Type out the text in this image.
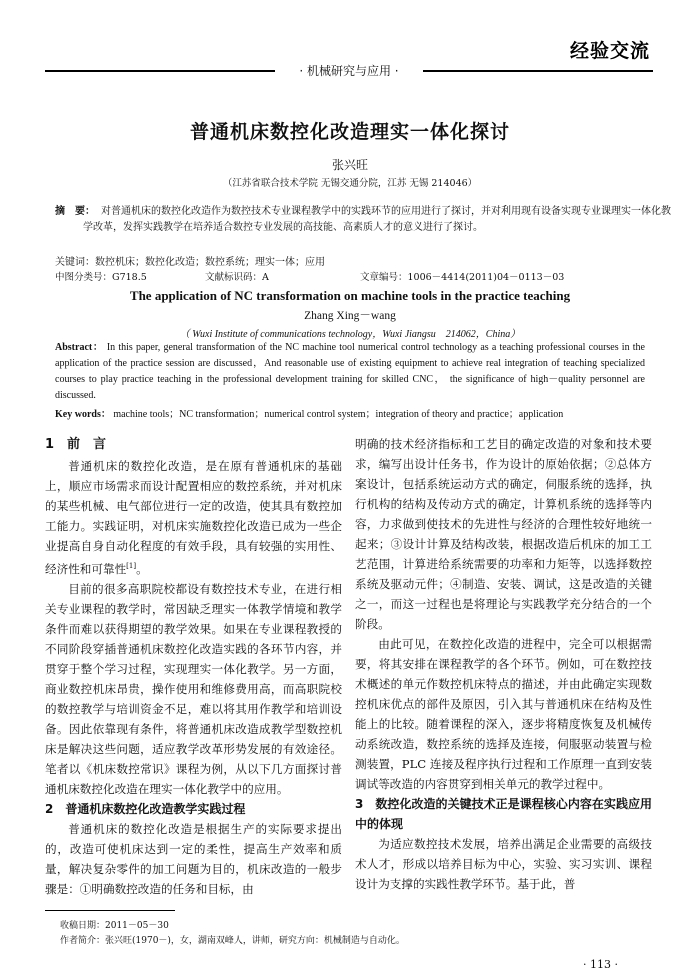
经验交流
· 机械研究与应用 ·
普通机床数控化改造理实一体化探讨
张兴旺
（江苏省联合技术学院 无锡交通分院，江苏 无锡 214046）
摘　要： 对普通机床的数控化改造作为数控技术专业课程教学中的实践环节的应用进行了探讨，并对利用现有设备实现专业课理实一体化教学改革，发挥实践教学在培养适合数控专业发展的高技能、高素质人才的意义进行了探讨。
关键词：数控机床；数控化改造；数控系统；理实一体；应用
中图分类号：G718.5	文献标识码：A	文章编号：1006－4414(2011)04－0113－03
The application of NC transformation on machine tools in the practice teaching
Zhang Xing－wang
（ Wuxi Institute of communications technology，Wuxi Jiangsu　214062，China）
Abstract： In this paper, general transformation of the NC machine tool numerical control technology as a teaching professional courses in the application of the practice session are discussed，And reasonable use of existing equipment to achieve real integration of teaching specialized courses to play practice teaching in the professional development training for skilled CNC， the significance of high－quality personnel are discussed.
Key words： machine tools；NC transformation；numerical control system；integration of theory and practice；application
1　前　言

普通机床的数控化改造，是在原有普通机床的基础上，顺应市场需求而设计配置相应的数控系统，并对机床的某些机械、电气部位进行一定的改造，使其具有数控加工能力。实践证明，对机床实施数控化改造已成为一些企业提高自身自动化程度的有效手段，具有较强的实用性、经济性和可靠性[1]。

目前的很多高职院校都设有数控技术专业，在进行相关专业课程的教学时，常因缺乏理实一体教学情境和教学条件而难以获得期望的教学效果。如果在专业课程教授的不同阶段穿插普通机床数控化改造实践的各环节内容，并贯穿于整个学习过程，实现理实一体化教学。另一方面，商业数控机床昂贵，操作使用和维修费用高，而高职院校的数控教学与培训资金不足，难以将其用作教学和培训设备。因此依靠现有条件，将普通机床改造成教学型数控机床是解决这些问题，适应教学改革形势发展的有效途径。笔者以《机床数控常识》课程为例，从以下几方面探讨普通机床数控化改造在理实一体化教学中的应用。

2　普通机床数控化改造教学实践过程

普通机床的数控化改造是根据生产的实际要求提出的，改造可使机床达到一定的柔性，提高生产效率和质量，解决复杂零件的加工问题为目的，机床改造的一般步骤是：①明确数控改造的任务和目标，由

明确的技术经济指标和工艺目的确定改造的对象和技术要求，编写出设计任务书，作为设计的原始依据；②总体方案设计，包括系统运动方式的确定，伺服系统的选择，执行机构的结构及传动方式的确定，计算机系统的选择等内容，力求做到使技术的先进性与经济的合理性较好地统一起来；③设计计算及结构改装，根据改造后机床的加工工艺范围，计算进给系统需要的功率和力矩等，以选择数控系统及驱动元件；④制造、安装、调试，这是改造的关键之一，而这一过程也是将理论与实践教学充分结合的一个阶段。

由此可见，在数控化改造的进程中，完全可以根据需要，将其安排在课程教学的各个环节。例如，可在数控技术概述的单元作数控机床特点的描述，并由此确定实现数控机床优点的部件及原因，引入其与普通机床在结构及性能上的比较。随着课程的深入，逐步将精度恢复及机械传动系统改造，数控系统的选择及连接，伺服驱动装置与检测装置，PLC 连接及程序执行过程和工作原理一直到安装调试等改造的内容贯穿到相关单元的教学过程中。

3　数控化改造的关键技术正是课程核心内容在实践应用中的体现

为适应数控技术发展，培养出满足企业需要的高级技术人才，形成以培养目标为中心，实验、实习实训、课程设计为支撑的实践性教学环节。基于此，普

收稿日期：2011－05－30
作者简介：张兴旺(1970－)，女，湖南双峰人，讲师，研究方向：机械制造与自动化。
· 113 ·
